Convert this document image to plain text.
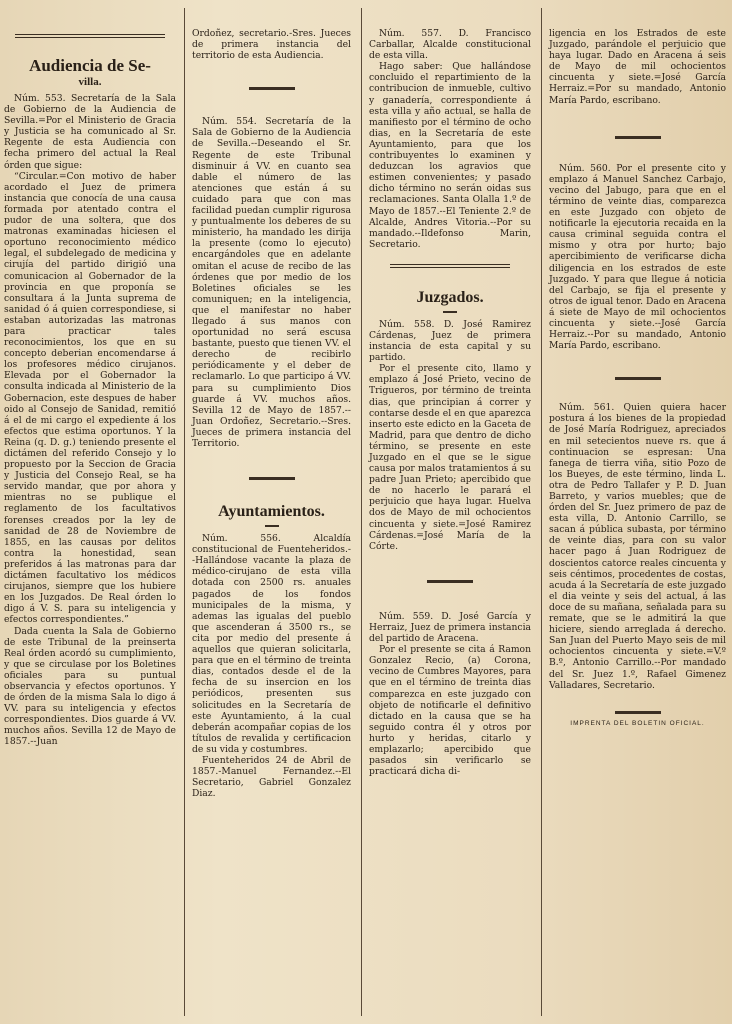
Audiencia de Se-
villa.

Núm. 553. Secretaría de la Sala de Gobierno de la Audiencia de Sevilla.=Por el Ministerio de Gracia y Justicia se ha comunicado al Sr. Regente de esta Audiencia con fecha primero del actual la Real órden que sigue:

“Circular.=Con motivo de haber acordado el Juez de primera instancia que conocía de una causa formada por atentado contra el pudor de una soltera, que dos matronas examinadas hiciesen el oportuno reconocimiento médico legal, el subdelegado de medicina y cirujía del partido dirigió una comunicacion al Gobernador de la provincia en que proponía se consultara á la Junta suprema de sanidad ó á quien correspondiese, si estaban autorizadas las matronas para practicar tales reconocimientos, los que en su concepto deberian encomendarse á los profesores médico cirujanos. Elevada por el Gobernador la consulta indicada al Ministerio de la Gobernacion, este despues de haber oido al Consejo de Sanidad, remitió á el de mi cargo el expediente á los efectos que estima oportunos. Y la Reina (q. D. g.) teniendo presente el dictámen del referido Consejo y lo propuesto por la Seccion de Gracia y Justicia del Consejo Real, se ha servido mandar, que por ahora y mientras no se publique el reglamento de los facultativos forenses creados por la ley de sanidad de 28 de Noviembre de 1855, en las causas por delitos contra la honestidad, sean preferidos á las matronas para dar dictámen facultativo los médicos cirujanos, siempre que los hubiere en los Juzgados. De Real órden lo digo á V. S. para su inteligencia y efectos correspondientes.”

Dada cuenta la Sala de Gobierno de este Tribunal de la preinserta Real órden acordó su cumplimiento, y que se circulase por los Boletines oficiales para su puntual observancia y efectos oportunos. Y de órden de la misma Sala lo digo á VV. para su inteligencia y efectos correspondientes. Dios guarde á VV. muchos años. Sevilla 12 de Mayo de 1857.--Juan

Ordoñez, secretario.-Sres. Jueces de primera instancia del territorio de esta Audiencia.

Núm. 554. Secretaría de la Sala de Gobierno de la Audiencia de Sevilla.--Deseando el Sr. Regente de este Tribunal disminuir á VV. en cuanto sea dable el número de las atenciones que están á su cuidado para que con mas facilidad puedan cumplir rigurosa y puntualmente los deberes de su ministerio, ha mandado les dirija la presente (como lo ejecuto) encargándoles que en adelante omitan el acuse de recibo de las órdenes que por medio de los Boletines oficiales se les comuniquen; en la inteligencia, que el manifestar no haber llegado á sus manos con oportunidad no será escusa bastante, puesto que tienen VV. el derecho de recibirlo periódicamente y el deber de reclamarlo. Lo que participo á VV. para su cumplimiento Dios guarde á VV. muchos años. Sevilla 12 de Mayo de 1857.--Juan Ordoñez, Secretario.--Sres. Jueces de primera instancia del Territorio.

Ayuntamientos.

Núm. 556. Alcaldía constitucional de Fuenteheridos.--Hallándose vacante la plaza de médico-cirujano de esta villa dotada con 2500 rs. anuales pagados de los fondos municipales de la misma, y ademas las igualas del pueblo que ascenderan á 3500 rs., se cita por medio del presente á aquellos que quieran solicitarla, para que en el término de treinta dias, contados desde el de la fecha de su insercion en los periódicos, presenten sus solicitudes en la Secretaría de este Ayuntamiento, á la cual deberán acompañar copias de los títulos de revalida y certificacion de su vida y costumbres.

Fuenteheridos 24 de Abril de 1857.-Manuel Fernandez.--El Secretario, Gabriel Gonzalez Diaz.

Núm. 557. D. Francisco Carballar, Alcalde constitucional de esta villa.

Hago saber: Que hallándose concluido el repartimiento de la contribucion de inmueble, cultivo y ganadería, correspondiente á esta villa y año actual, se halla de manifiesto por el término de ocho dias, en la Secretaría de este Ayuntamiento, para que los contribuyentes lo examinen y deduzcan los agravios que estimen convenientes; y pasado dicho término no serán oidas sus reclamaciones. Santa Olalla 1.º de Mayo de 1857.--El Teniente 2.º de Alcalde, Andres Vitoria.--Por su mandado.--Ildefonso Marin, Secretario.

Juzgados.

Núm. 558. D. José Ramirez Cárdenas, Juez de primera instancia de esta capital y su partido.

Por el presente cito, llamo y emplazo á José Prieto, vecino de Trigueros, por término de treinta dias, que principian á correr y contarse desde el en que aparezca inserto este edicto en la Gaceta de Madrid, para que dentro de dicho término, se presente en este Juzgado en el que se le sigue causa por malos tratamientos á su padre Juan Prieto; apercibido que de no hacerlo le parará el perjuicio que haya lugar. Huelva dos de Mayo de mil ochocientos cincuenta y siete.=José Ramirez Cárdenas.=José María de la Córte.

Núm. 559. D. José García y Herraiz, Juez de primera instancia del partido de Aracena.

Por el presente se cita á Ramon Gonzalez Recio, (a) Corona, vecino de Cumbres Mayores, para que en el término de treinta dias comparezca en este juzgado con objeto de notificarle el definitivo dictado en la causa que se ha seguido contra él y otros por hurto y heridas, citarlo y emplazarlo; apercibido que pasados sin verificarlo se practicará dicha di-

ligencia en los Estrados de este Juzgado, parándole el perjuicio que haya lugar. Dado en Aracena á seis de Mayo de mil ochocientos cincuenta y siete.=José García Herraiz.=Por su mandado, Antonio María Pardo, escribano.

Núm. 560. Por el presente cito y emplazo á Manuel Sanchez Carbajo, vecino del Jabugo, para que en el término de veinte dias, comparezca en este Juzgado con objeto de notificarle la ejecutoria recaida en la causa criminal seguida contra el mismo y otra por hurto; bajo apercibimiento de verificarse dicha diligencia en los estrados de este Juzgado. Y para que llegue á noticia del Carbajo, se fija el presente y otros de igual tenor. Dado en Aracena á siete de Mayo de mil ochocientos cincuenta y siete.--José García Herraiz.--Por su mandado, Antonio María Pardo, escribano.

Núm. 561. Quien quiera hacer postura á los bienes de la propiedad de José María Rodriguez, apreciados en mil setecientos nueve rs. que á continuacion se espresan: Una fanega de tierra viña, sitio Pozo de los Bueyes, de este término, linda L. otra de Pedro Tallafer y P. D. Juan Barreto, y varios muebles; que de órden del Sr. Juez primero de paz de esta villa, D. Antonio Carrillo, se sacan á pública subasta, por término de veinte dias, para con su valor hacer pago á Juan Rodriguez de doscientos catorce reales cincuenta y seis céntimos, procedentes de costas, acuda á la Secretaría de este juzgado el dia veinte y seis del actual, á las doce de su mañana, señalada para su remate, que se le admitirá la que hiciere, siendo arreglada á derecho. San Juan del Puerto Mayo seis de mil ochocientos cincuenta y siete.=V.º B.º, Antonio Carrillo.--Por mandado del Sr. Juez 1.º, Rafael Gimenez Valladares, Secretario.

IMPRENTA DEL BOLETIN OFICIAL.
